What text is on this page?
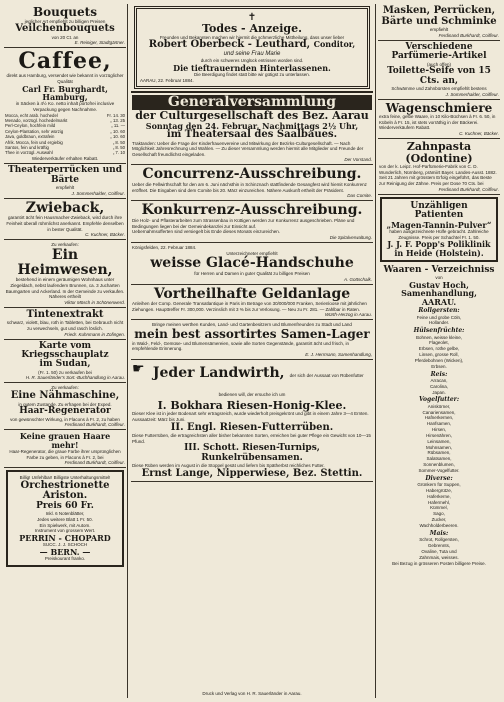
Bouquets
jeglicher Art empfiehlt zu billigen Preisen
Veilchenbouquets
von 20 Ct. an
E. Reiniger, Stadtgärtner.
Caffee,
direkt aus Hamburg, versendet wie bekannt in vorzüglicher Qualität
Carl Fr. Burghardt, Hamburg,
in Säcken à 4½ Ko. netto inhalt portofrei inclusive Verpackung gegen Nachnahme.
Mocca, echt arab. hochedel	Fr. 14. 30
Menado, vorzügl. hochedelmarkt	„ 13. 25
Perl-Ceylon, hochfein mild	„ 11. —
Ceylon-Plantation, sehr würzig	„ 10. 60
Java, goldbraun, extrafein	„ 10. 60
Afrik. Mocca, fein und ergiebig	„ 8. 50
Santos, fein und kräftig	„ 8. 50
Thee in vorzügl. Auswahl	„ 7. 10
Wiederverkäufer erhalten Rabatt.
Theaterperrücken und Bärte
empfiehlt
J. Sommerhalder, Coiffeur.
Zwieback,
garantirt ächt fein Hausmacher-Zwieback, wird durch ihre Feinheit überall rühmlichst anerkannt. Empfehle denselben in bester Qualität.
C. Kuchner, Bäcker.
Zu verkaufen:
Ein Heimwesen,
bestehend in einem geräumigen Wohnhaus unter Ziegeldach, nebst laufendem Brunnen, ca. 3 Jucharten Baumgarten und Ackerland. In der Gemeinde zu verkaufen. Näheres ertheilt
Viktor Mösch in Schönenwerd.
Tintenextrakt
schwarz, violett, blau, roth in Tabletten, bei Gebrauch nicht zu verwechseln, gut und rasch löslich.
Friedr. Kuhnmann in Zofingen.
Karte vom Kriegsschauplatz
im Sudan,
(Fr. 1. 50) zu verkaufen bei
H. R. Sauerländer's Sort.-Buchhandlung in Aarau.
Zu verkaufen:
Eine Nähmaschine,
in gutem Zustande. Zu erfragen bei der Exped.
Haar-Regenerator
von gewünschter Wirkung, in Flacons à Fr. 2, zu haben
Ferdinand Burkhardt, Coiffeur.
Keine grauen Haare mehr!
Haar-Regenerator, die graue Farbe ihrer ursprünglichen Farbe zu geben, in Flacons à Fr. 2, bei
Ferdinand Burkhardt, Coiffeur.
Billig! Unfehlbar! Billigste Unterhaltungsmittel!
Orchestrionette Ariston.
Preis 60 Fr.
Inkl. 6 Notenblätter,
Jedes weitere Blatt 1 Fr. 50.
Ein Spielwerk, mit Autom.
Instrument von grossem Wert.
PERRIN - CHOPARD
SUCC. J. J. SCHOCH
— BERN. —
Preiskourant franko.
✝
Todes - Anzeige.
Freunden und Bekannten machen wir hiermit die schmerzliche Mittheilung, dass unser lieber
Robert Oberbeck - Leuthard, Conditor,
und seine Frau Marie
durch ein schweres Unglück entrissen worden sind.
Die tieftrauernden Hinterlassenen.
Die Beerdigung findet statt bitte wir gütigst zu unterlassen.
AARAU, 22. Februar 1884.
Generalversammlung
der Culturgesellschaft des Bez. Aarau
Sonntag den 24. Februar, Nachmittags 2½ Uhr,
im Theatersaal des Saalbaues.
Traktanden: Ueber die Frage der Kinderfrauenvereine und Mitwirkung der Bezirks-Culturgesellschaft. — Nach Möglichkeit Jahresrechnung und Wahlen. — Zu dieser Versammlung werden hiermit alle Mitglieder und Freunde der Gesellschaft freundlichst eingeladen.
Der Vorstand.
Concurrenz-Ausschreibung.
Ueber die Fellwirthschaft für den am 6. Juni nächsthin in Schinznach stattfindende Gesangfest wird hiemit Konkurrenz eröffnet. Die Eingaben sind dem Comite bis 20. März einzureichen. Nähere Auskunft ertheilt der Präsident.
Das Comite.
Konkurrenz-Ausschreibung.
Die Holz- und Pflasterarbeiten zum Strassenbau in Küttigen werden zur Konkurrenz ausgeschrieben. Pläne und Bedingungen liegen bei der Gemeindekanzlei zur Einsicht auf.
Uebernahmsofferten sind versiegelt bis Ende dieses Monats einzureichen.
Die Spitalverwaltung.
Königsfelden, 22. Februar 1884.
Unterzeichneter empfiehlt
weisse Glacé-Handschuhe
für Herren und Damen in guter Qualität zu billigen Preisen
A. Gottschalk.
Vortheilhafte Geldanlage
Anleihen der Comp. Generale Transatlantique in Paris im Betrage von 30/000/000 Franken, Serienloose mit jährlichen Ziehungen. Haupttreffer Fr. 300,000. Verzinslich mit 3 % bis zur Verlosung. — Neu zu Fr. 281. — Zahlbar in Raten.
Würth-Herzog in Aarau.
Bringe meinen werthen Kunden, Land- und Gartenbesitzern und Blumenfreunden zu Stadt und Land
mein best assortirtes Samen-Lager
in Wald-, Feld-, Gemüse- und Blumensämereien, sowie alle Sorten Gegenstände, garantirt ächt und frisch, in empfehlende Erinnerung.
E. J. Herrmann, Samenhandlung,
☛ Jeder Landwirth, der sich der Aussaat von Rübenfutter bedienen will, der ersuche ich um
I. Bokhara Riesen-Honig-Klee.
Dieser Klee ist in jeder Bodenart sehr ertragsreich, wurde wiederholt preisgekrönt und gibt in einem Jahre 3—4 Ernten. Aussaatzeit: März bis Juni.
II. Engl. Riesen-Futterrüben.
Diese Futterrüben, die ertragreichsten aller bisher bekannten Sorten, erreichen bei guter Pflege ein Gewicht von 10—15 Pfund.
III. Schott. Riesen-Turnips, Runkelrübensamen.
Diese Rüben werden im August in die Stoppel gesät und liefern bis Spätherbst reichliches Futter.
Ernst Lange, Nipperwiese, Bez. Stettin.
Druck und Verlag von H. R. Sauerländer in Aarau.
Masken, Perrücken, Bärte und Schminke
empfiehlt
Ferdinand Burkhardt, Coiffeur.
Verschiedene Parfümerie-Artikel
(auch offen)
Toilette-Seife von 15 Cts. an,
Schwämme und Zahnbürsten empfiehlt bestens
J. Sommerhalder, Coiffeur.
Wagenschmiere
extra feine, gelbe Waare, in 10 Kilo-Büchsen à Fr. 6. 50, in Kübeln à Fr. 15, ist stets vorräthig in der Bäckerei. Wiederverkäufern Rabatt.
C. Kuchner, Bäcker.
Zahnpasta (Odontine)
von der k. Leipz. Hof-Parfümerie-Fabrik von C. D. Wunderlich, Nürnberg, prämiirt Bayer. Landes-Ausst. 1882.
Seit 21 Jahren mit grösstem Erfolg eingeführt, das Beste zur Reinigung der Zähne. Preis per Dose 70 Cts. bei
Ferdinand Burkhardt, Coiffeur.
Unzähligen Patienten
„Magen-Tannin-Pulver“
haben ausgezeichnete Hülfe gebracht. Zahlreiche Zeugnisse. Preis per Schachtel Fr. 1. 50.
J. J. F. Popp's Poliklinik in Heide (Holstein).
Waaren - Verzeichniss
von
Gustav Hoch, Samenhandlung,
AARAU.
Rollgersten:
Feine und grobe Cöln,
Hollander.
Hülsenfrüchte:
Bohnen, weisse kleine,
Flageolet,
Erbsen, rothe gelbe,
Linsen, grosse Roll,
Pferdebohnen (Wicken),
Erbsen.
Reis:
Arracan,
Carolina,
Japan.
Vogelfutter:
Aniskörner,
Canariensamen,
Hafnerkernen,
Hanfsamen,
Hirsen,
Hirsenähren,
Leinsamen,
Mohnsamen,
Rübsamen,
Salatsamen,
Sonnenblumen,
Sommer-Vogelfutter.
Diverse:
Grünkern für Suppen,
Habergrütze,
Haferkerne,
Hafermehl,
Kümmel,
Sago,
Zucker,
Wachholderbeeren.
Mais:
Schrot, Rollgersten,
Gebrennts,
Ovaline, Tuta und
Zahnmais, weisses.
Bei Bezug in grösseren Posten billigere Preise.
